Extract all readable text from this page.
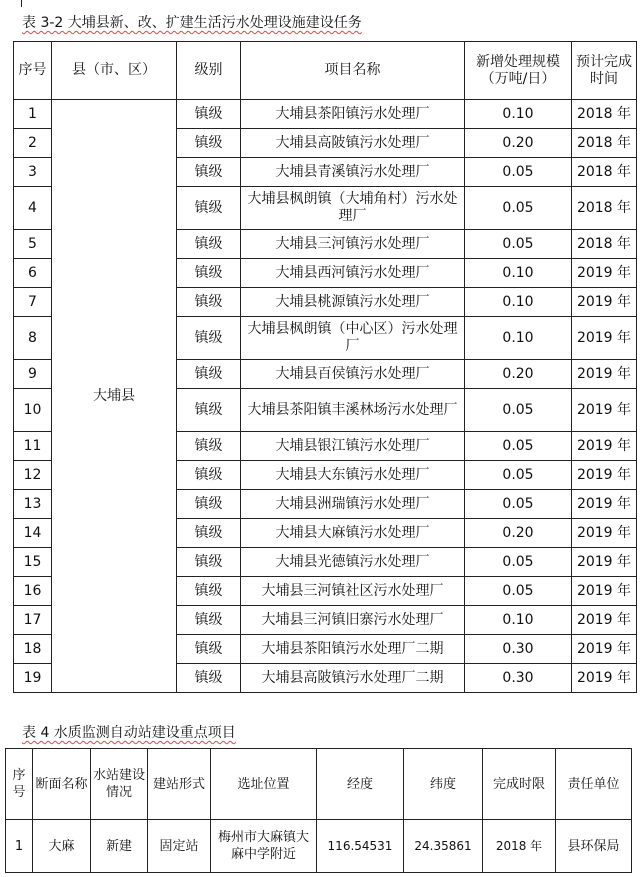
表 3-2 大埔县新、改、扩建生活污水处理设施建设任务
序号	县（市、区）	级别	项目名称	新增处理规模（万吨/日）	预计完成时间
1	大埔县	镇级	大埔县茶阳镇污水处理厂	0.10	2018 年
2		镇级	大埔县高陂镇污水处理厂	0.20	2018 年
3		镇级	大埔县青溪镇污水处理厂	0.05	2018 年
4		镇级	大埔县枫朗镇（大埔角村）污水处理厂	0.05	2018 年
5		镇级	大埔县三河镇污水处理厂	0.05	2018 年
6		镇级	大埔县西河镇污水处理厂	0.10	2019 年
7		镇级	大埔县桃源镇污水处理厂	0.10	2019 年
8		镇级	大埔县枫朗镇（中心区）污水处理厂	0.10	2019 年
9		镇级	大埔县百侯镇污水处理厂	0.20	2019 年
10		镇级	大埔县茶阳镇丰溪林场污水处理厂	0.05	2019 年
11		镇级	大埔县银江镇污水处理厂	0.05	2019 年
12		镇级	大埔县大东镇污水处理厂	0.05	2019 年
13		镇级	大埔县洲瑞镇污水处理厂	0.05	2019 年
14		镇级	大埔县大麻镇污水处理厂	0.20	2019 年
15		镇级	大埔县光德镇污水处理厂	0.05	2019 年
16		镇级	大埔县三河镇社区污水处理厂	0.05	2019 年
17		镇级	大埔县三河镇旧寨污水处理厂	0.10	2019 年
18		镇级	大埔县茶阳镇污水处理厂二期	0.30	2019 年
19		镇级	大埔县高陂镇污水处理厂二期	0.30	2019 年
表 4 水质监测自动站建设重点项目
序号	断面名称	水站建设情况	建站形式	选址位置	经度	纬度	完成时限	责任单位
1	大麻	新建	固定站	梅州市大麻镇大麻中学附近	116.54531	24.35861	2018 年	县环保局
